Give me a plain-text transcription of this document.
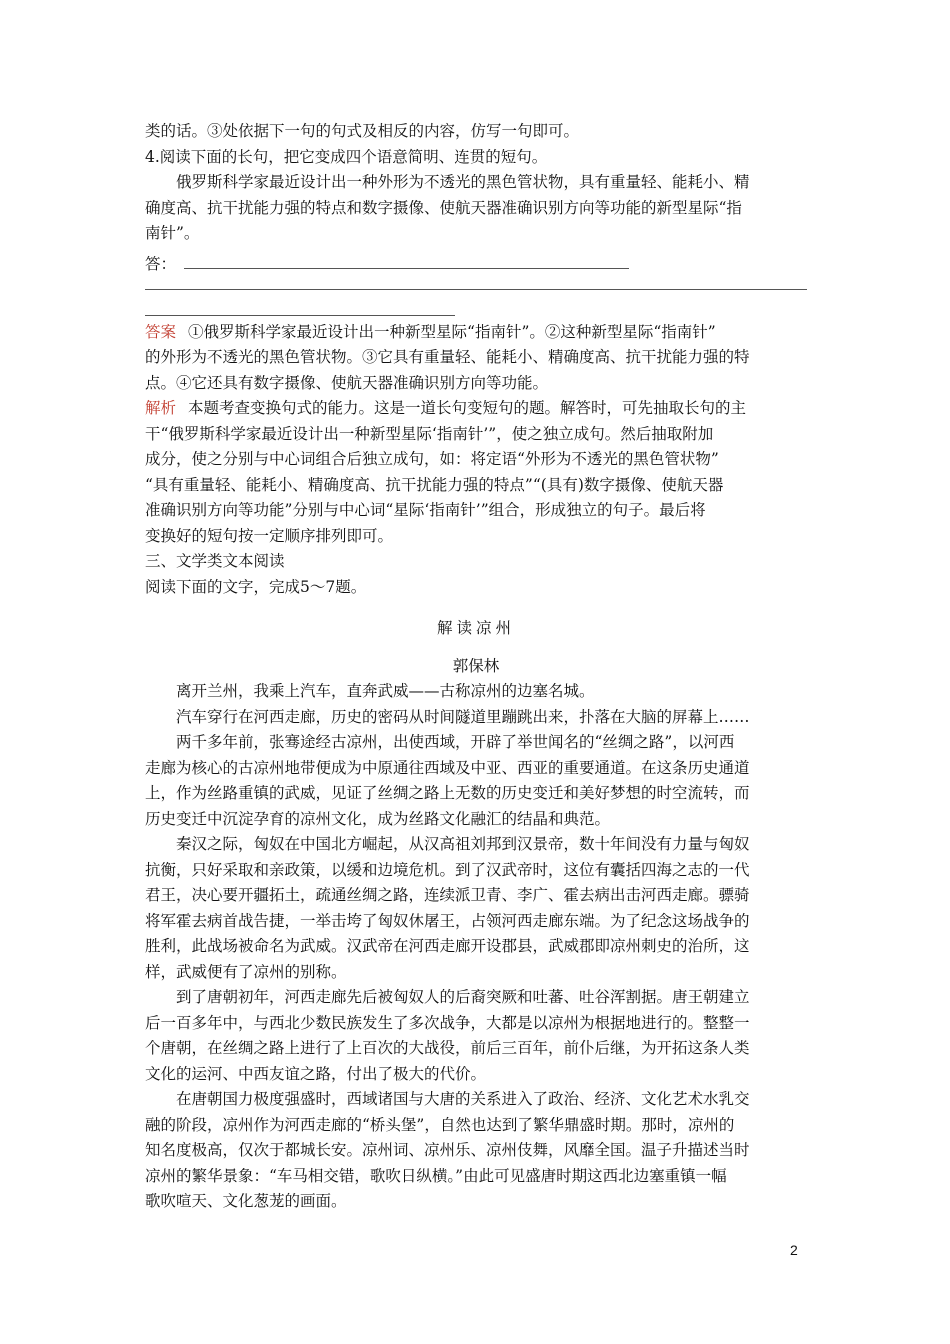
类的话。③处依据下一句的句式及相反的内容，仿写一句即可。
4.阅读下面的长句，把它变成四个语意简明、连贯的短句。
俄罗斯科学家最近设计出一种外形为不透光的黑色管状物，具有重量轻、能耗小、精
确度高、抗干扰能力强的特点和数字摄像、使航天器准确识别方向等功能的新型星际“指
南针”。
答：
答案 ①俄罗斯科学家最近设计出一种新型星际“指南针”。②这种新型星际“指南针”
的外形为不透光的黑色管状物。③它具有重量轻、能耗小、精确度高、抗干扰能力强的特
点。④它还具有数字摄像、使航天器准确识别方向等功能。
解析 本题考查变换句式的能力。这是一道长句变短句的题。解答时，可先抽取长句的主
干“俄罗斯科学家最近设计出一种新型星际‘指南针’”，使之独立成句。然后抽取附加
成分，使之分别与中心词组合后独立成句，如：将定语“外形为不透光的黑色管状物”
“具有重量轻、能耗小、精确度高、抗干扰能力强的特点”“(具有)数字摄像、使航天器
准确识别方向等功能”分别与中心词“星际‘指南针’”组合，形成独立的句子。最后将
变换好的短句按一定顺序排列即可。
三、文学类文本阅读
阅读下面的文字，完成5～7题。
解读凉州
郭保林
离开兰州，我乘上汽车，直奔武威——古称凉州的边塞名城。
汽车穿行在河西走廊，历史的密码从时间隧道里蹦跳出来，扑落在大脑的屏幕上……
两千多年前，张骞途经古凉州，出使西域，开辟了举世闻名的“丝绸之路”，以河西
走廊为核心的古凉州地带便成为中原通往西域及中亚、西亚的重要通道。在这条历史通道
上，作为丝路重镇的武威，见证了丝绸之路上无数的历史变迁和美好梦想的时空流转，而
历史变迁中沉淀孕育的凉州文化，成为丝路文化融汇的结晶和典范。
秦汉之际，匈奴在中国北方崛起，从汉高祖刘邦到汉景帝，数十年间没有力量与匈奴
抗衡，只好采取和亲政策，以缓和边境危机。到了汉武帝时，这位有囊括四海之志的一代
君王，决心要开疆拓土，疏通丝绸之路，连续派卫青、李广、霍去病出击河西走廊。骠骑
将军霍去病首战告捷，一举击垮了匈奴休屠王，占领河西走廊东端。为了纪念这场战争的
胜利，此战场被命名为武威。汉武帝在河西走廊开设郡县，武威郡即凉州刺史的治所，这
样，武威便有了凉州的别称。
到了唐朝初年，河西走廊先后被匈奴人的后裔突厥和吐蕃、吐谷浑割据。唐王朝建立
后一百多年中，与西北少数民族发生了多次战争，大都是以凉州为根据地进行的。整整一
个唐朝，在丝绸之路上进行了上百次的大战役，前后三百年，前仆后继，为开拓这条人类
文化的运河、中西友谊之路，付出了极大的代价。
在唐朝国力极度强盛时，西域诸国与大唐的关系进入了政治、经济、文化艺术水乳交
融的阶段，凉州作为河西走廊的“桥头堡”，自然也达到了繁华鼎盛时期。那时，凉州的
知名度极高，仅次于都城长安。凉州词、凉州乐、凉州伎舞，风靡全国。温子升描述当时
凉州的繁华景象：“车马相交错，歌吹日纵横。”由此可见盛唐时期这西北边塞重镇一幅
歌吹喧天、文化葱茏的画面。
2
